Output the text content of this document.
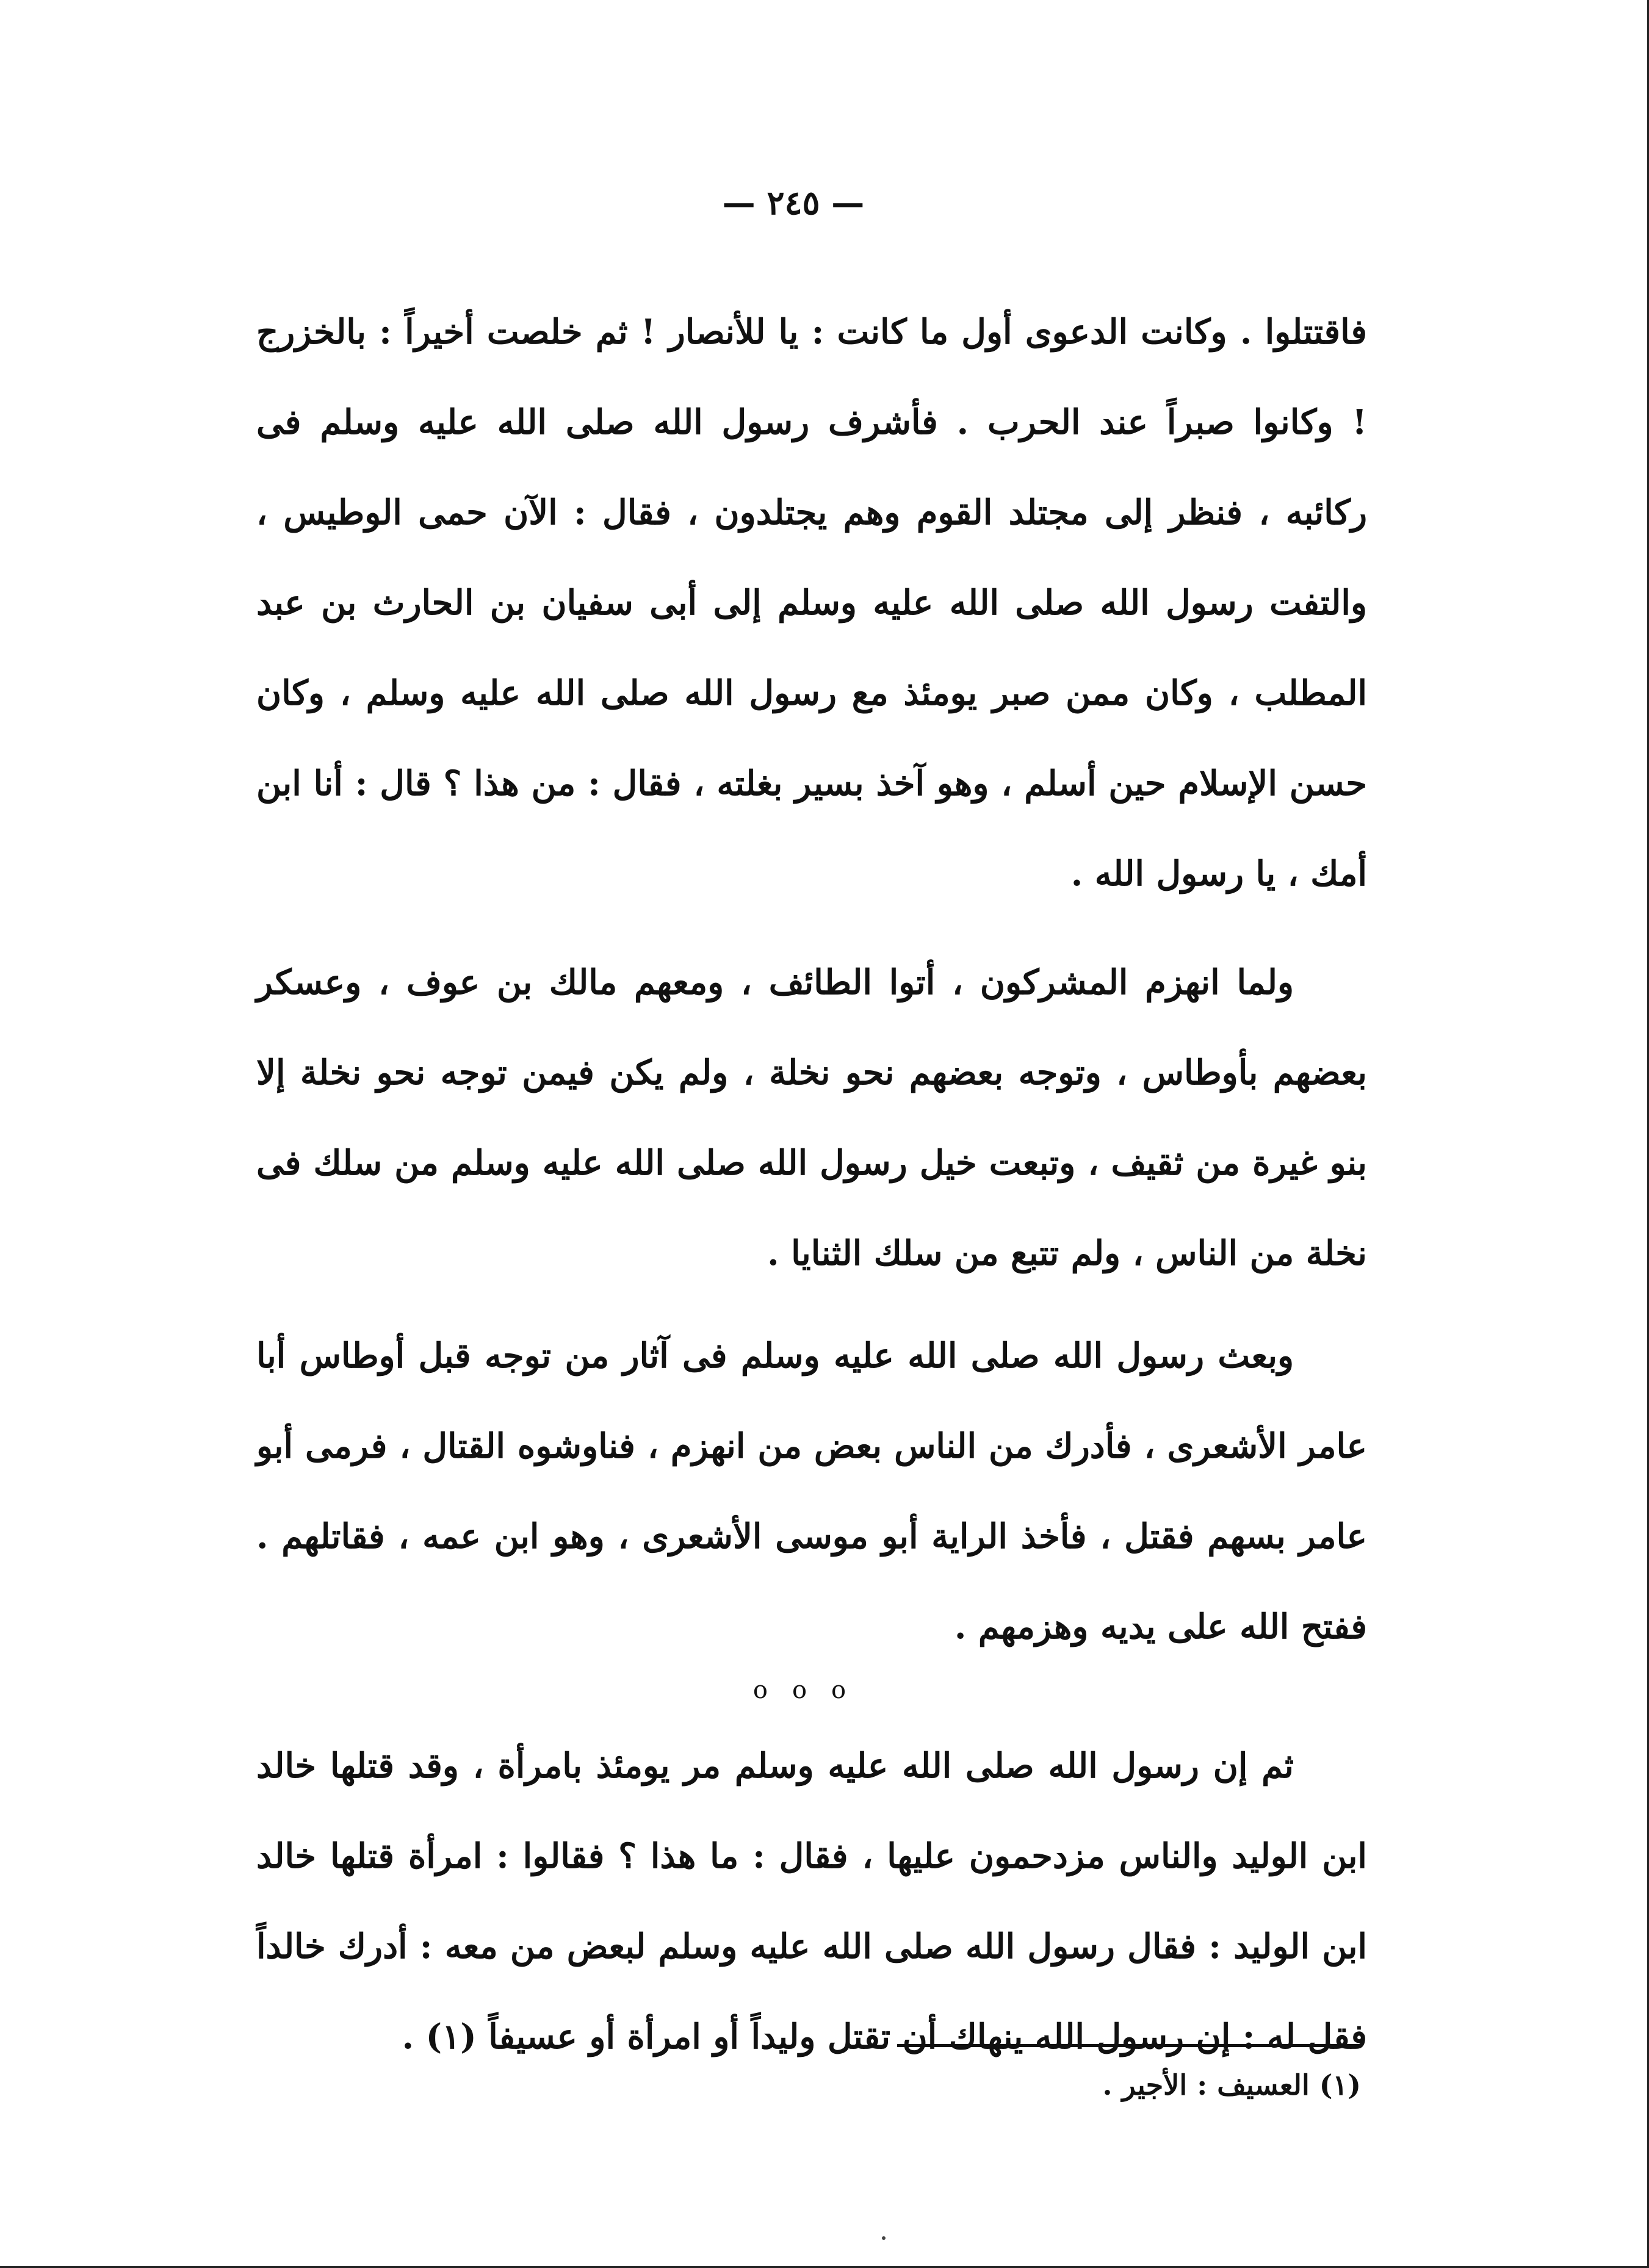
— ٢٤٥ —

فاقتتلوا . وكانت الدعوى أول ما كانت : يا للأنصار ! ثم خلصت أخيراً : بالخزرج ! وكانوا صبراً عند الحرب . فأشرف رسول الله صلى الله عليه وسلم فى ركائبه ، فنظر إلى مجتلد القوم وهم يجتلدون ، فقال : الآن حمى الوطيس ، والتفت رسول الله صلى الله عليه وسلم إلى أبى سفيان بن الحارث بن عبد المطلب ، وكان ممن صبر يومئذ مع رسول الله صلى الله عليه وسلم ، وكان حسن الإسلام حين أسلم ، وهو آخذ بسير بغلته ، فقال : من هذا ؟ قال : أنا ابن أمك ، يا رسول الله .

ولما انهزم المشركون ، أتوا الطائف ، ومعهم مالك بن عوف ، وعسكر بعضهم بأوطاس ، وتوجه بعضهم نحو نخلة ، ولم يكن فيمن توجه نحو نخلة إلا بنو غيرة من ثقيف ، وتبعت خيل رسول الله صلى الله عليه وسلم من سلك فى نخلة من الناس ، ولم تتبع من سلك الثنايا .

وبعث رسول الله صلى الله عليه وسلم فى آثار من توجه قبل أوطاس أبا عامر الأشعرى ، فأدرك من الناس بعض من انهزم ، فناوشوه القتال ، فرمى أبو عامر بسهم فقتل ، فأخذ الراية أبو موسى الأشعرى ، وهو ابن عمه ، فقاتلهم . ففتح الله على يديه وهزمهم .

ooo

ثم إن رسول الله صلى الله عليه وسلم مر يومئذ بامرأة ، وقد قتلها خالد ابن الوليد والناس مزدحمون عليها ، فقال : ما هذا ؟ فقالوا : امرأة قتلها خالد ابن الوليد : فقال رسول الله صلى الله عليه وسلم لبعض من معه : أدرك خالداً فقل له : إن رسول الله ينهاك أن تقتل وليداً أو امرأة أو عسيفاً (١) .

(١) العسيف : الأجير .
